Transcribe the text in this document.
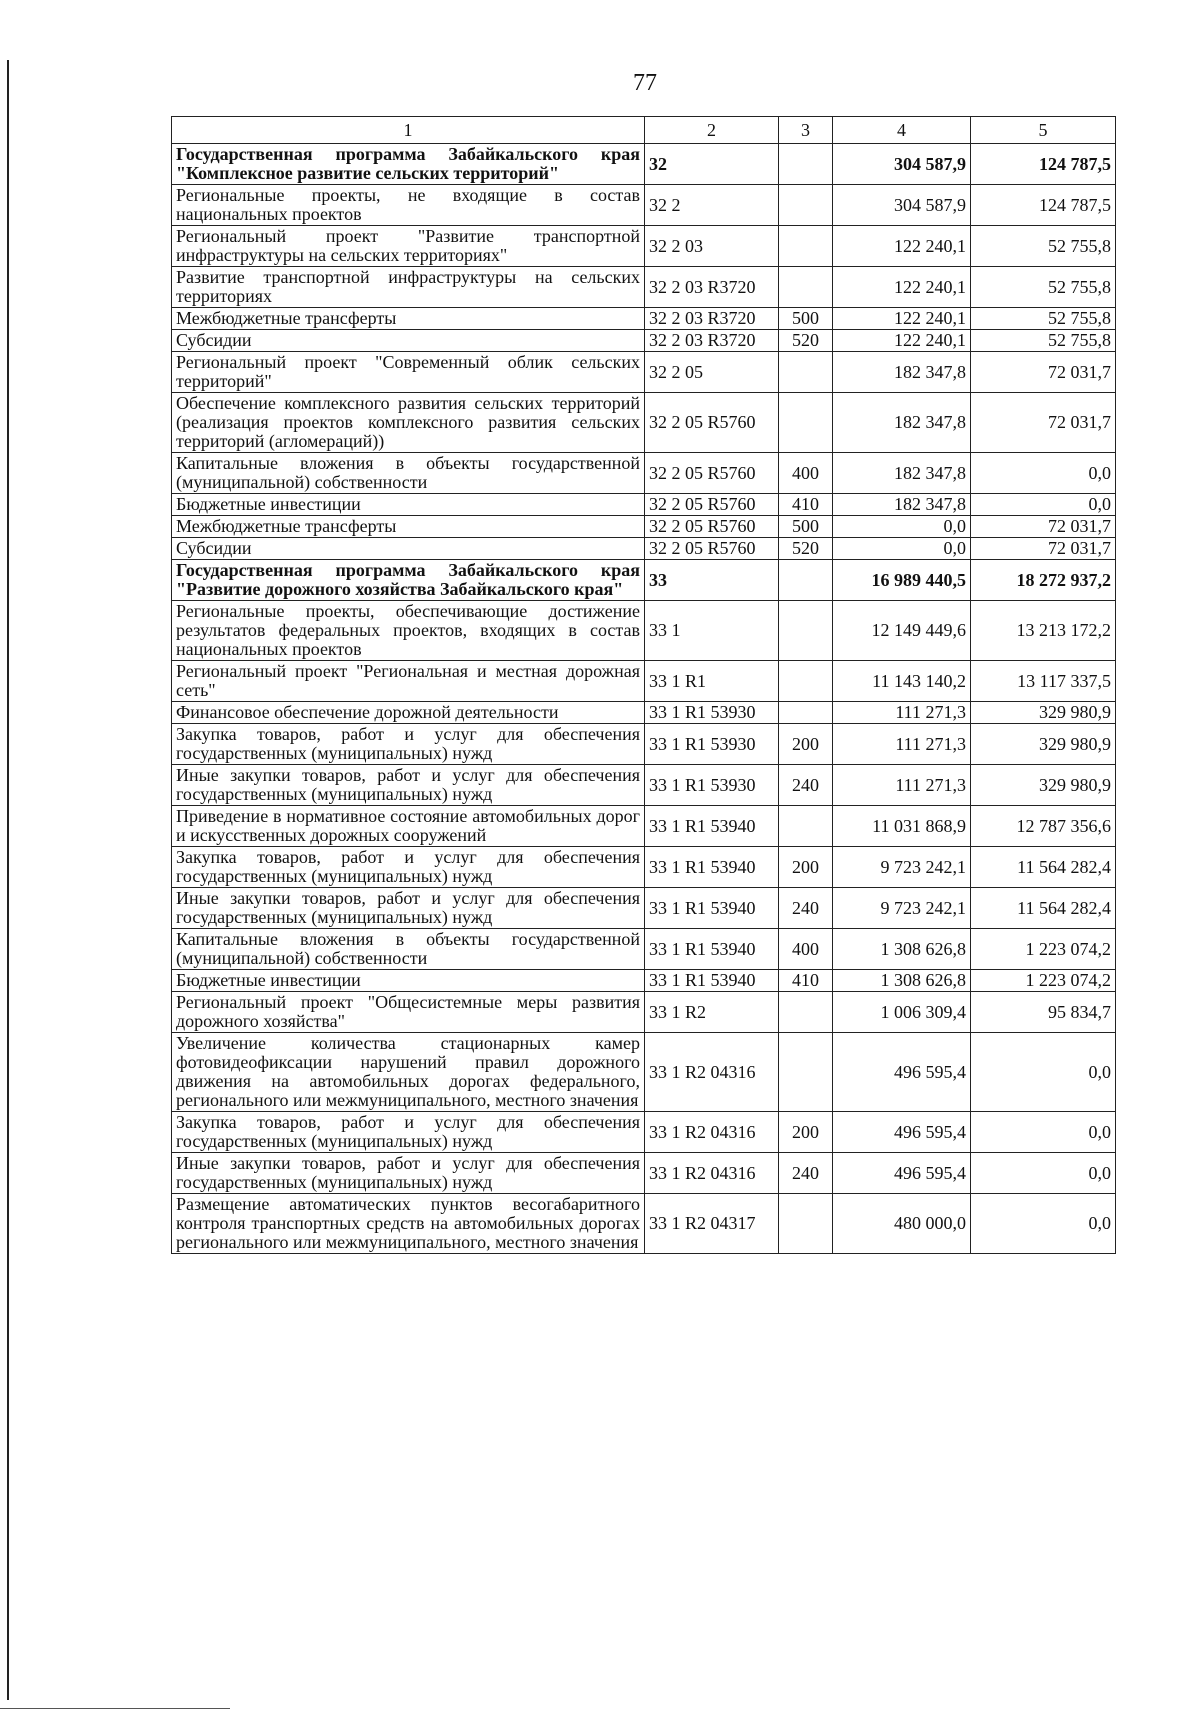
77
1	2	3	4	5
Государственная программа Забайкальского края "Комплексное развитие сельских территорий"	32		304 587,9	124 787,5
Региональные проекты, не входящие в состав национальных проектов	32 2		304 587,9	124 787,5
Региональный проект "Развитие транспортной инфраструктуры на сельских территориях"	32 2 03		122 240,1	52 755,8
Развитие транспортной инфраструктуры на сельских территориях	32 2 03 R3720		122 240,1	52 755,8
Межбюджетные трансферты	32 2 03 R3720	500	122 240,1	52 755,8
Субсидии	32 2 03 R3720	520	122 240,1	52 755,8
Региональный проект "Современный облик сельских территорий"	32 2 05		182 347,8	72 031,7
Обеспечение комплексного развития сельских территорий (реализация проектов комплексного развития сельских территорий (агломераций))	32 2 05 R5760		182 347,8	72 031,7
Капитальные вложения в объекты государственной (муниципальной) собственности	32 2 05 R5760	400	182 347,8	0,0
Бюджетные инвестиции	32 2 05 R5760	410	182 347,8	0,0
Межбюджетные трансферты	32 2 05 R5760	500	0,0	72 031,7
Субсидии	32 2 05 R5760	520	0,0	72 031,7
Государственная программа Забайкальского края "Развитие дорожного хозяйства Забайкальского края"	33		16 989 440,5	18 272 937,2
Региональные проекты, обеспечивающие достижение результатов федеральных проектов, входящих в состав национальных проектов	33 1		12 149 449,6	13 213 172,2
Региональный проект "Региональная и местная дорожная сеть"	33 1 R1		11 143 140,2	13 117 337,5
Финансовое обеспечение дорожной деятельности	33 1 R1 53930		111 271,3	329 980,9
Закупка товаров, работ и услуг для обеспечения государственных (муниципальных) нужд	33 1 R1 53930	200	111 271,3	329 980,9
Иные закупки товаров, работ и услуг для обеспечения государственных (муниципальных) нужд	33 1 R1 53930	240	111 271,3	329 980,9
Приведение в нормативное состояние автомобильных дорог и искусственных дорожных сооружений	33 1 R1 53940		11 031 868,9	12 787 356,6
Закупка товаров, работ и услуг для обеспечения государственных (муниципальных) нужд	33 1 R1 53940	200	9 723 242,1	11 564 282,4
Иные закупки товаров, работ и услуг для обеспечения государственных (муниципальных) нужд	33 1 R1 53940	240	9 723 242,1	11 564 282,4
Капитальные вложения в объекты государственной (муниципальной) собственности	33 1 R1 53940	400	1 308 626,8	1 223 074,2
Бюджетные инвестиции	33 1 R1 53940	410	1 308 626,8	1 223 074,2
Региональный проект "Общесистемные меры развития дорожного хозяйства"	33 1 R2		1 006 309,4	95 834,7
Увеличение количества стационарных камер фотовидеофиксации нарушений правил дорожного движения на автомобильных дорогах федерального, регионального или межмуниципального, местного значения	33 1 R2 04316		496 595,4	0,0
Закупка товаров, работ и услуг для обеспечения государственных (муниципальных) нужд	33 1 R2 04316	200	496 595,4	0,0
Иные закупки товаров, работ и услуг для обеспечения государственных (муниципальных) нужд	33 1 R2 04316	240	496 595,4	0,0
Размещение автоматических пунктов весогабаритного контроля транспортных средств на автомобильных дорогах регионального или межмуниципального, местного значения	33 1 R2 04317		480 000,0	0,0
